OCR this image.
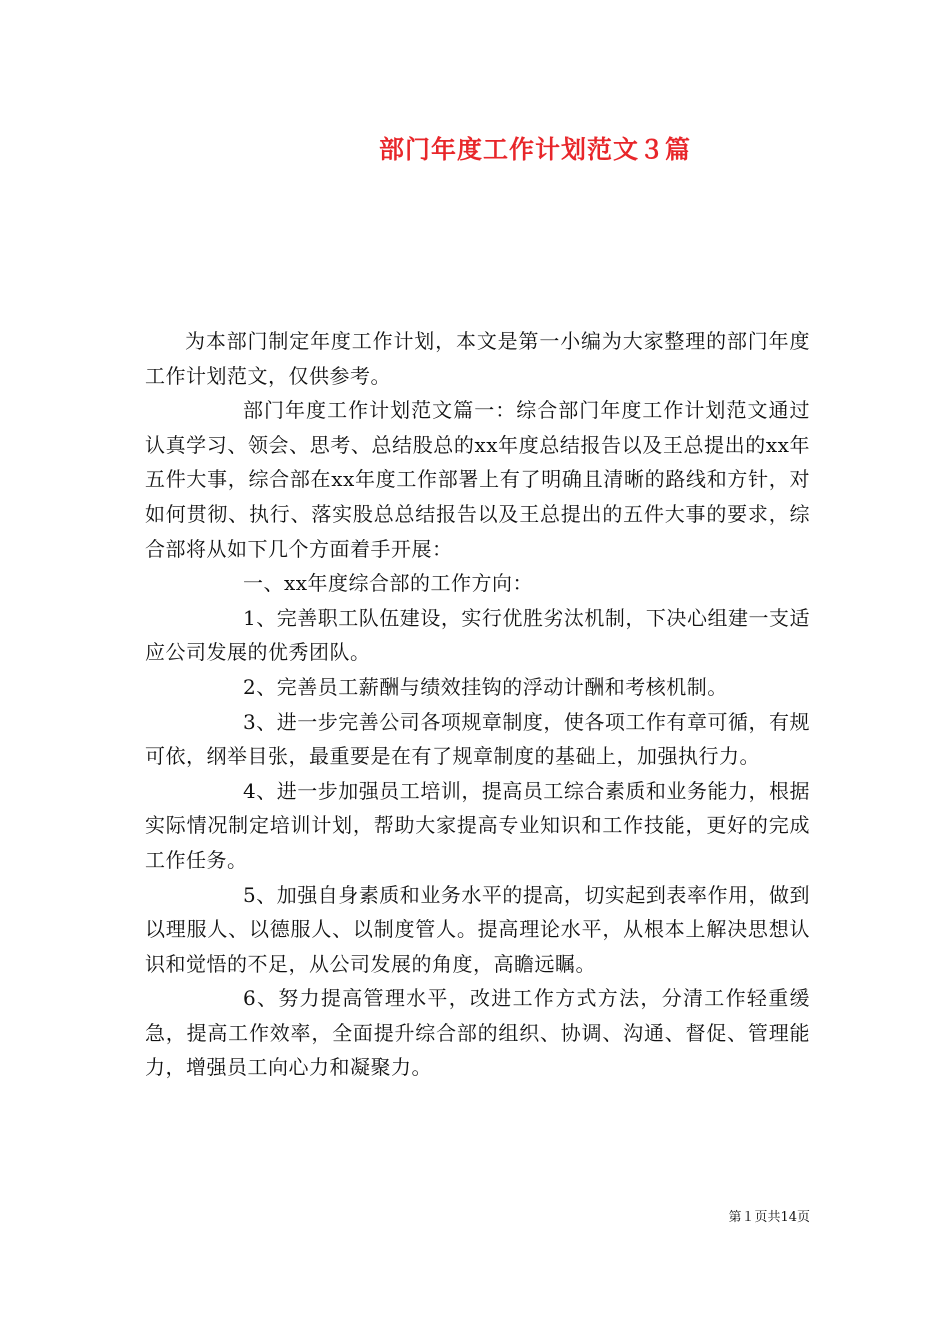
部门年度工作计划范文３篇

为本部门制定年度工作计划，本文是第一小编为大家整理的部门年度工作计划范文，仅供参考。

部门年度工作计划范文篇一：综合部门年度工作计划范文通过认真学习、领会、思考、总结股总的xx年度总结报告以及王总提出的xx年五件大事，综合部在xx年度工作部署上有了明确且清晰的路线和方针，对如何贯彻、执行、落实股总总结报告以及王总提出的五件大事的要求，综合部将从如下几个方面着手开展：

一、xx年度综合部的工作方向：

1、完善职工队伍建设，实行优胜劣汰机制，下决心组建一支适应公司发展的优秀团队。

2、完善员工薪酬与绩效挂钩的浮动计酬和考核机制。

3、进一步完善公司各项规章制度，使各项工作有章可循，有规可依，纲举目张，最重要是在有了规章制度的基础上，加强执行力。

4、进一步加强员工培训，提高员工综合素质和业务能力，根据实际情况制定培训计划，帮助大家提高专业知识和工作技能，更好的完成工作任务。

5、加强自身素质和业务水平的提高，切实起到表率作用，做到以理服人、以德服人、以制度管人。提高理论水平，从根本上解决思想认识和觉悟的不足，从公司发展的角度，高瞻远瞩。

6、努力提高管理水平，改进工作方式方法，分清工作轻重缓急，提高工作效率，全面提升综合部的组织、协调、沟通、督促、管理能力，增强员工向心力和凝聚力。

第１页共14页
